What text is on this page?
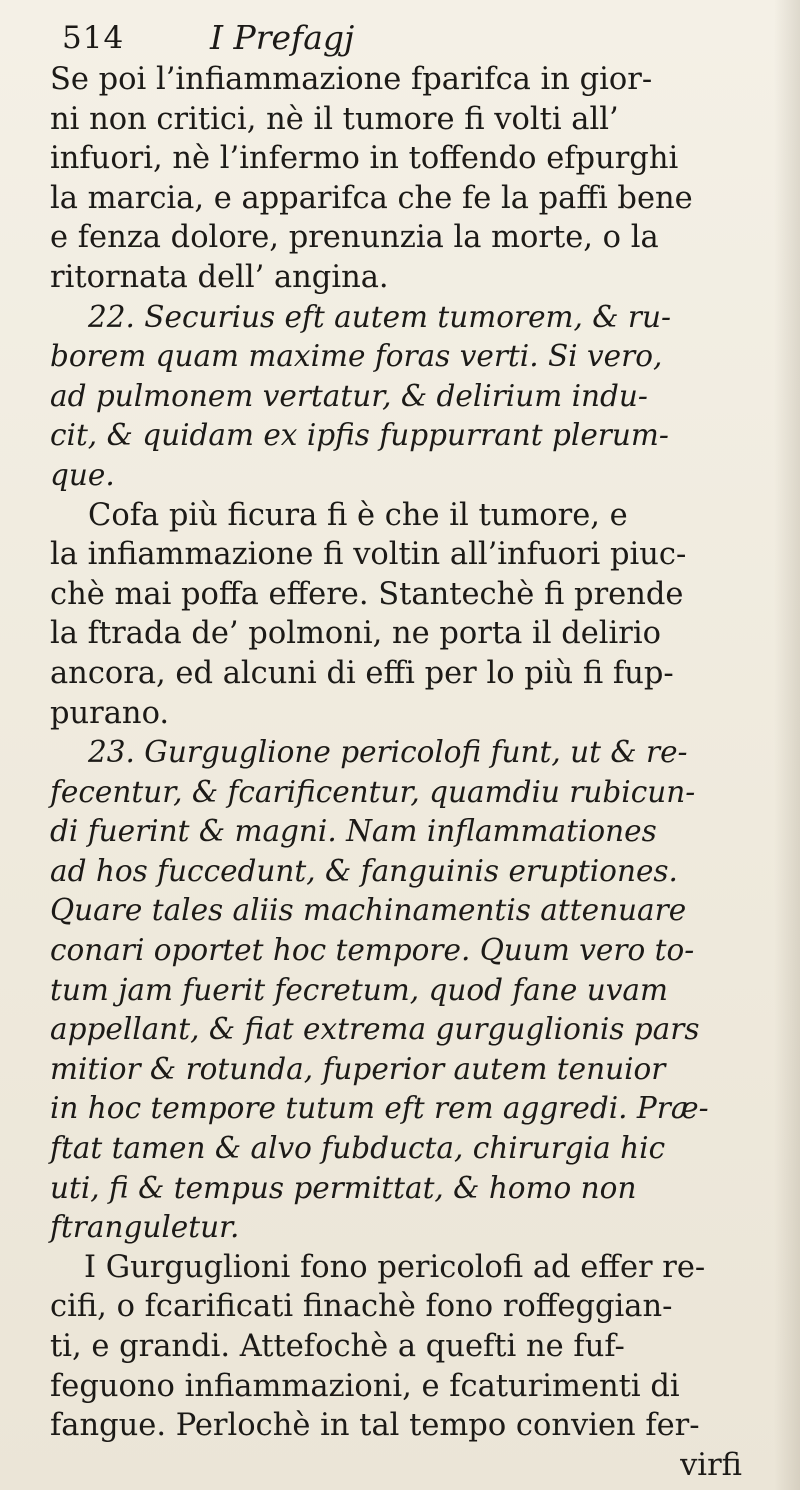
514	I Prefagj
Se poi l’infiammazione fparifca in gior-
ni non criti⁠ci, nè il tumore fi volti all’
infuori, nè l’infermo in toffendo efpurghi
la marcia, e apparifca che fe la paffi bene
e fenza dolore, prenunzia la morte, o la
ritornata dell’ angina.
22. Securius eft autem tumorem, & ru-
borem quam maxime foras verti. Si vero,
ad pulmonem vertatur, & delirium indu-
cit, & quidam ex ipfis fuppurrant plerum-
que.
Cofa più ficura fi è che il tumore, e
la infiammazione fi voltin all’infuori piuc-
chè mai poffa effere. Stantechè fi prende
la ftrada de’ polmoni, ne porta il delirio
ancora, ed alcuni di effi per lo più fi fup-
purano.
23. Gurguglione pericolofi funt, ut & re-
fecentur, & fcarificentur, quamdiu rubicun-
di fuerint & magni. Nam inflammationes
ad hos fuccedunt, & fanguinis eruptiones.
Quare tales aliis machinamentis attenuare
conari oportet hoc tempore. Quum vero to-
tum jam fuerit fecretum, quod fane uvam
appellant, & fiat extrema gurguglionis pars
mitior & rotunda, fuperior autem tenuior
in hoc tempore tutum eft rem aggredi. Præ-
ftat tamen & alvo fubducta, chirurgia hic
uti, fi & tempus permittat, & homo non
ftranguletur.
I Gurguglioni fono pericolofi ad effer re-
cifi, o fcarificati finachè fono roffeggian-
ti, e grandi. Attefochè a quefti ne fuf-
feguono infiammazioni, e fcaturimenti di
fangue. Perlochè in tal tempo convien fer-
virfi
